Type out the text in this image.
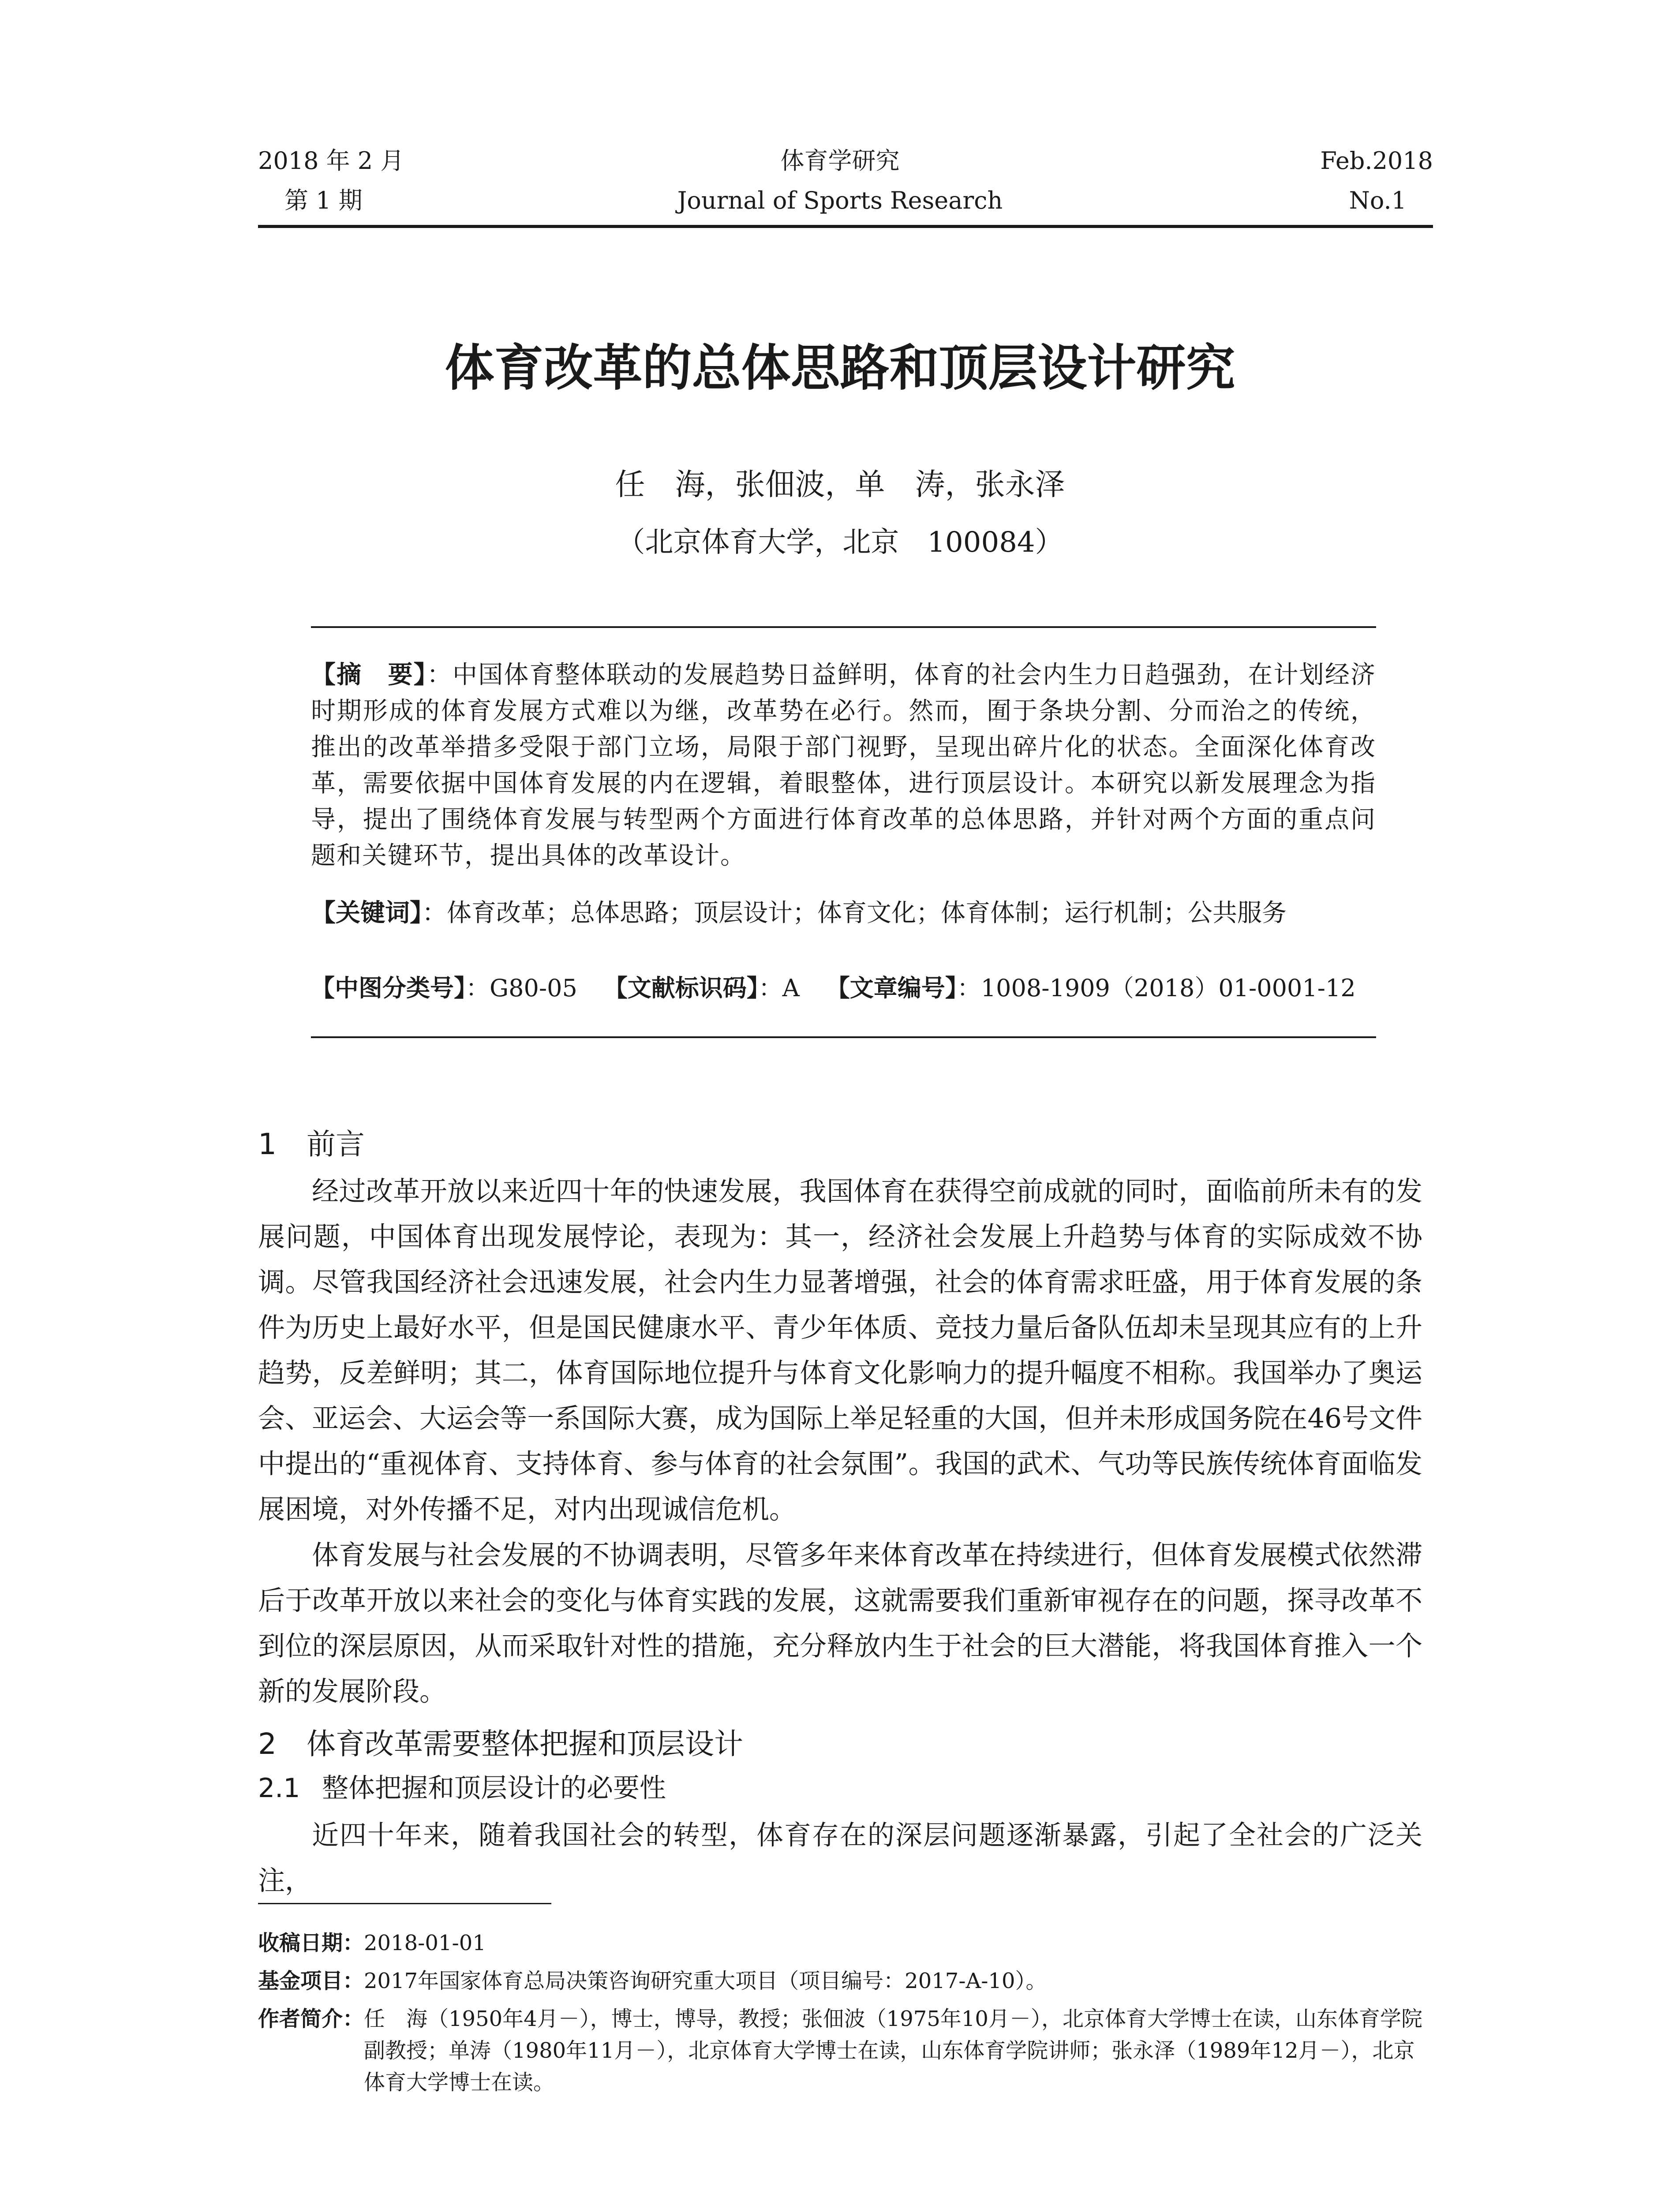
2018 年 2 月
第 1 期
体育学研究
Journal of Sports Research
Feb.2018
No.1
体育改革的总体思路和顶层设计研究
任　海，张佃波，单　涛，张永泽
（北京体育大学，北京　100084）
【摘　要】：中国体育整体联动的发展趋势日益鲜明，体育的社会内生力日趋强劲，在计划经济时期形成的体育发展方式难以为继，改革势在必行。然而，囿于条块分割、分而治之的传统，推出的改革举措多受限于部门立场，局限于部门视野，呈现出碎片化的状态。全面深化体育改革，需要依据中国体育发展的内在逻辑，着眼整体，进行顶层设计。本研究以新发展理念为指导，提出了围绕体育发展与转型两个方面进行体育改革的总体思路，并针对两个方面的重点问题和关键环节，提出具体的改革设计。
【关键词】：体育改革；总体思路；顶层设计；体育文化；体育体制；运行机制；公共服务
【中图分类号】：G80-05 【文献标识码】：A 【文章编号】：1008-1909（2018）01-0001-12
1 前言

经过改革开放以来近四十年的快速发展，我国体育在获得空前成就的同时，面临前所未有的发展问题，中国体育出现发展悖论，表现为：其一，经济社会发展上升趋势与体育的实际成效不协调。尽管我国经济社会迅速发展，社会内生力显著增强，社会的体育需求旺盛，用于体育发展的条件为历史上最好水平，但是国民健康水平、青少年体质、竞技力量后备队伍却未呈现其应有的上升趋势，反差鲜明；其二，体育国际地位提升与体育文化影响力的提升幅度不相称。我国举办了奥运会、亚运会、大运会等一系国际大赛，成为国际上举足轻重的大国，但并未形成国务院在46号文件中提出的“重视体育、支持体育、参与体育的社会氛围”。我国的武术、气功等民族传统体育面临发展困境，对外传播不足，对内出现诚信危机。

体育发展与社会发展的不协调表明，尽管多年来体育改革在持续进行，但体育发展模式依然滞后于改革开放以来社会的变化与体育实践的发展，这就需要我们重新审视存在的问题，探寻改革不到位的深层原因，从而采取针对性的措施，充分释放内生于社会的巨大潜能，将我国体育推入一个新的发展阶段。

2 体育改革需要整体把握和顶层设计
2.1 整体把握和顶层设计的必要性

近四十年来，随着我国社会的转型，体育存在的深层问题逐渐暴露，引起了全社会的广泛关注，

收稿日期： 2018-01-01
基金项目： 2017年国家体育总局决策咨询研究重大项目（项目编号：2017-A-10）。
作者简介： 任　海（1950年4月－），博士，博导，教授；张佃波（1975年10月－），北京体育大学博士在读，山东体育学院副教授；单涛（1980年11月－），北京体育大学博士在读，山东体育学院讲师；张永泽（1989年12月－），北京体育大学博士在读。
